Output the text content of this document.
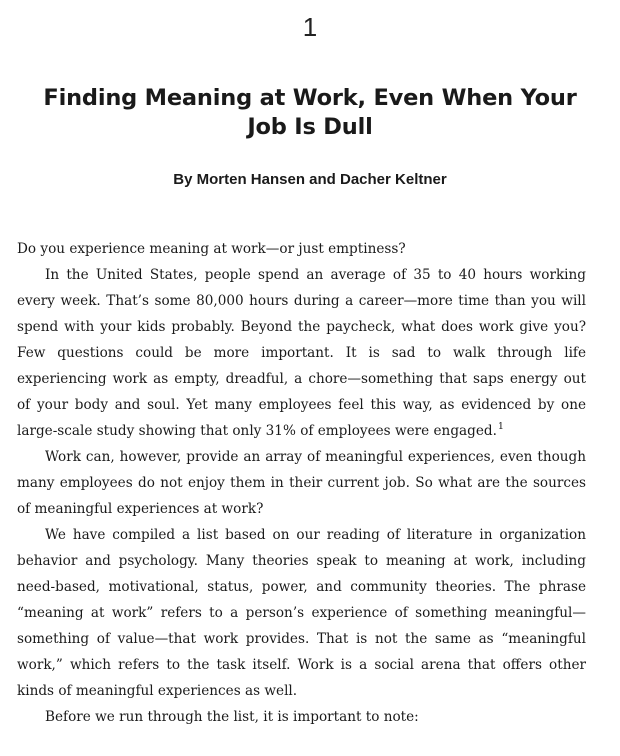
1
Finding Meaning at Work, Even When Your Job Is Dull
By Morten Hansen and Dacher Keltner

Do you experience meaning at work—or just emptiness?

In the United States, people spend an average of 35 to 40 hours working every week. That’s some 80,000 hours during a career—more time than you will spend with your kids probably. Beyond the paycheck, what does work give you? Few questions could be more important. It is sad to walk through life experiencing work as empty, dreadful, a chore—something that saps energy out of your body and soul. Yet many employees feel this way, as evidenced by one large-scale study showing that only 31% of employees were engaged.$^1$

Work can, however, provide an array of meaningful experiences, even though many employees do not enjoy them in their current job. So what are the sources of meaningful experiences at work?

We have compiled a list based on our reading of literature in organization behavior and psychology. Many theories speak to meaning at work, including need-based, motivational, status, power, and community theories. The phrase “meaning at work” refers to a person’s experience of something meaningful—something of value—that work provides. That is not the same as “meaningful work,” which refers to the task itself. Work is a social arena that offers other kinds of meaningful experiences as well.

Before we run through the list, it is important to note:
